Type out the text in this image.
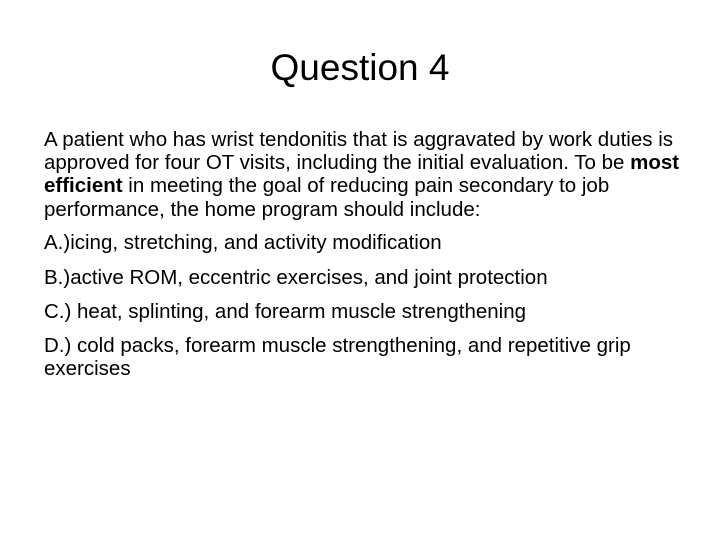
Question 4

A patient who has wrist tendonitis that is aggravated by work duties is approved for four OT visits, including the initial evaluation. To be most efficient in meeting the goal of reducing pain secondary to job performance, the home program should include:

A.)icing, stretching, and activity modification
B.)active ROM, eccentric exercises, and joint protection
C.) heat, splinting, and forearm muscle strengthening
D.) cold packs, forearm muscle strengthening, and repetitive grip exercises
